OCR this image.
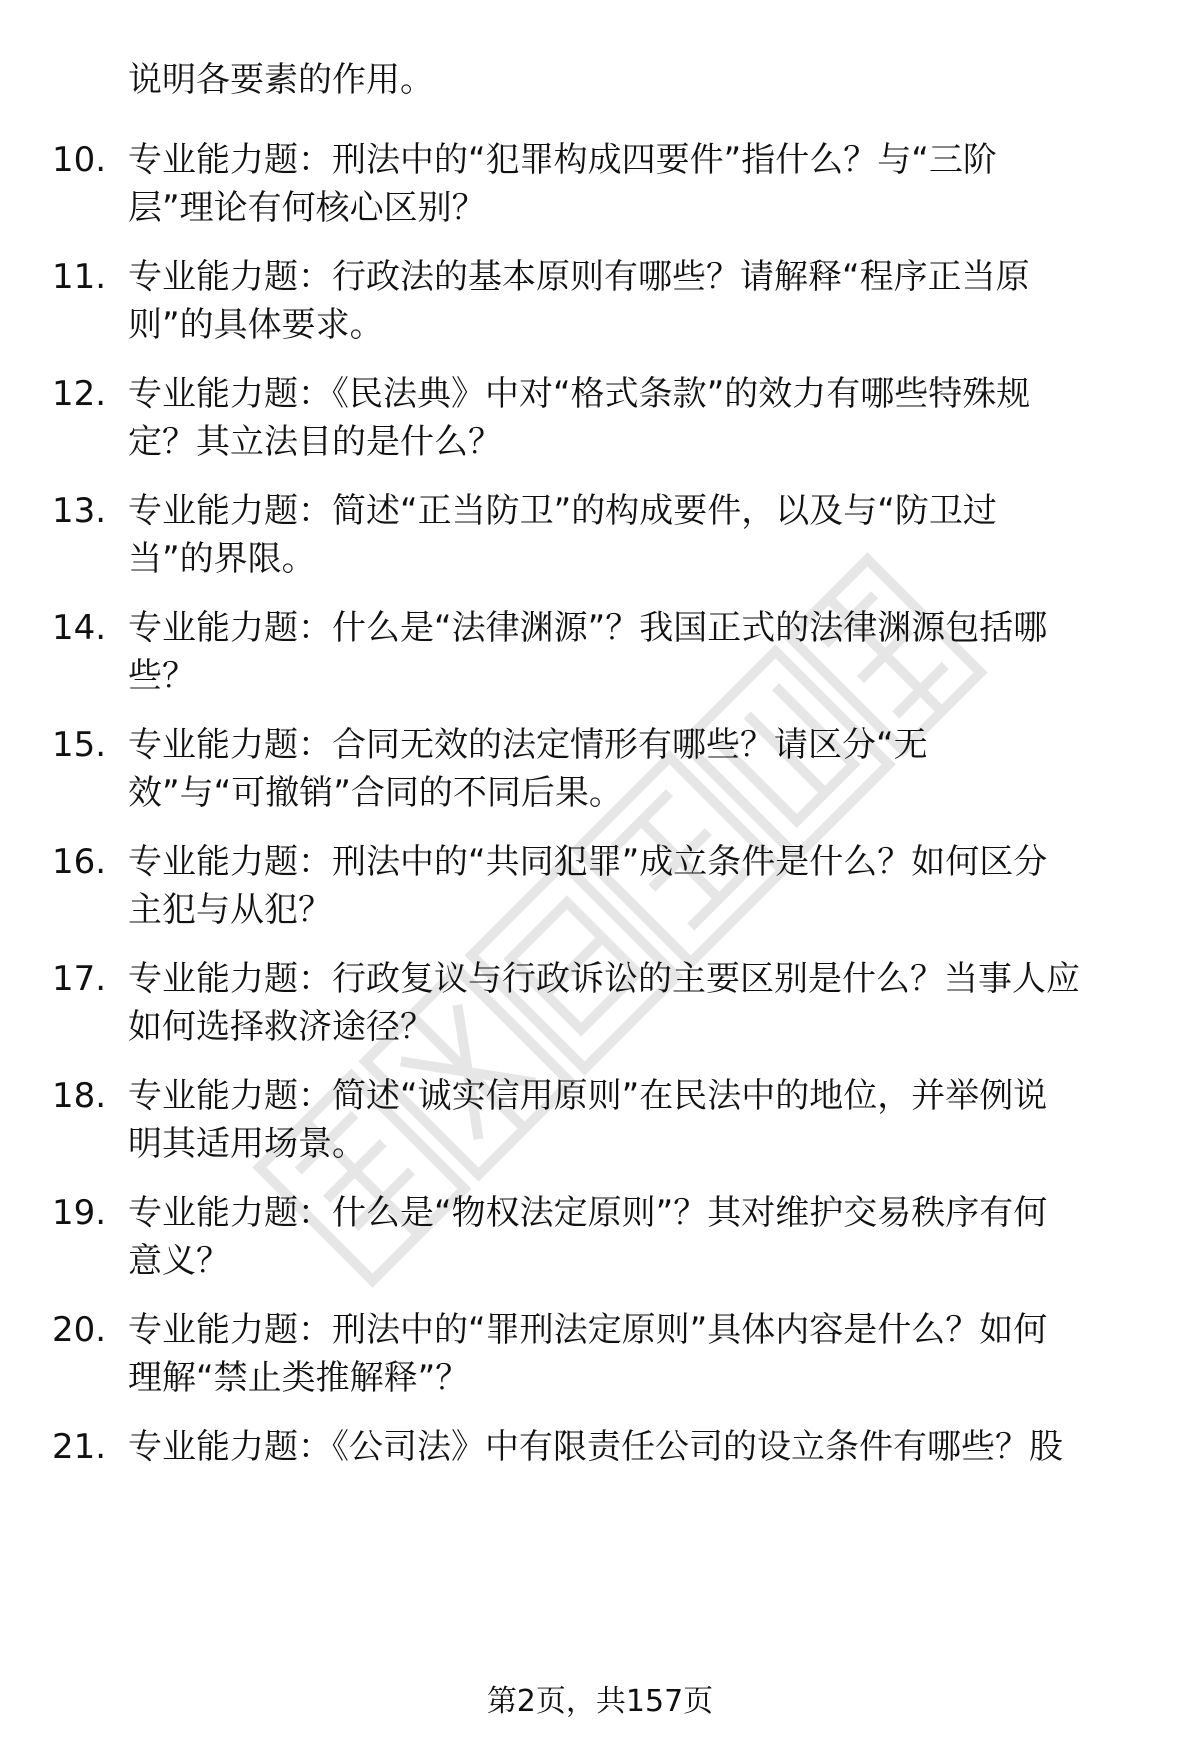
说明各要素的作用。
10. 专业能力题：刑法中的“犯罪构成四要件”指什么？与“三阶
层”理论有何核心区别？
11. 专业能力题：行政法的基本原则有哪些？请解释“程序正当原
则”的具体要求。
12. 专业能力题：《民法典》中对“格式条款”的效力有哪些特殊规
定？其立法目的是什么？
13. 专业能力题：简述“正当防卫”的构成要件，以及与“防卫过
当”的界限。
14. 专业能力题：什么是“法律渊源”？我国正式的法律渊源包括哪
些？
15. 专业能力题：合同无效的法定情形有哪些？请区分“无
效”与“可撤销”合同的不同后果。
16. 专业能力题：刑法中的“共同犯罪”成立条件是什么？如何区分
主犯与从犯？
17. 专业能力题：行政复议与行政诉讼的主要区别是什么？当事人应
如何选择救济途径？
18. 专业能力题：简述“诚实信用原则”在民法中的地位，并举例说
明其适用场景。
19. 专业能力题：什么是“物权法定原则”？其对维护交易秩序有何
意义？
20. 专业能力题：刑法中的“罪刑法定原则”具体内容是什么？如何
理解“禁止类推解释”？
21. 专业能力题：《公司法》中有限责任公司的设立条件有哪些？股
第2页，共157页
